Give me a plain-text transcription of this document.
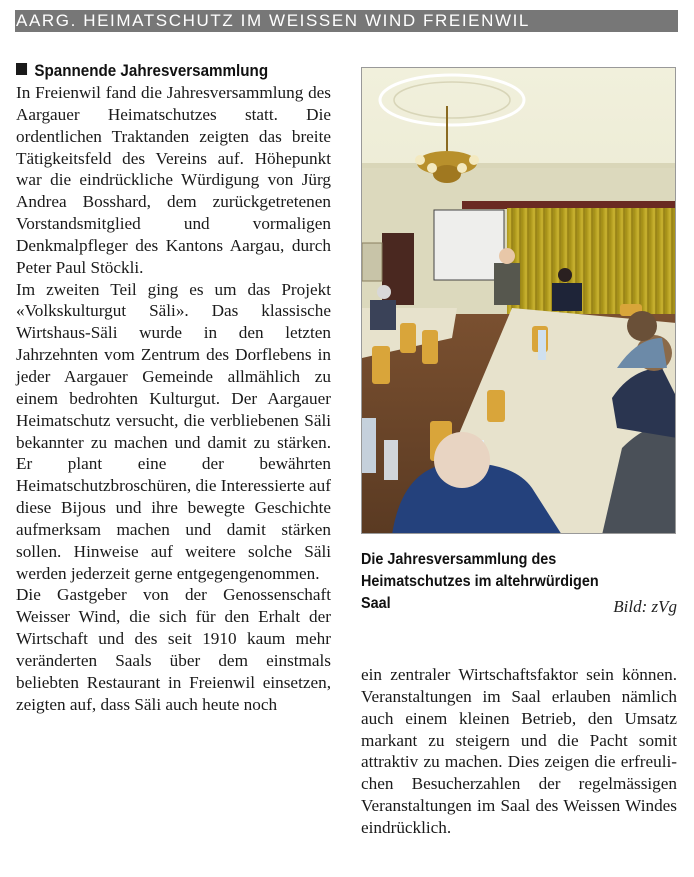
AARG. HEIMATSCHUTZ IM WEISSEN WIND FREIENWIL
Spannende Jahresversammlung

In Freienwil fand die Jahresversammlung des Aargauer Heimatschutzes statt. Die ordentlichen Traktanden zeigten das breite Tätigkeitsfeld des Vereins auf. Höhepunkt war die eindrückliche Würdigung von Jürg Andrea Bosshard, dem zurückgetretenen Vorstandsmitglied und vormaligen Denkmalpfleger des Kantons Aargau, durch Peter Paul Stöckli.

Im zweiten Teil ging es um das Projekt «Volkskulturgut Säli». Das klassische Wirtshaus-Säli wurde in den letzten Jahrzehnten vom Zentrum des Dorflebens in jeder Aargauer Gemeinde allmählich zu einem bedrohten Kulturgut. Der Aargauer Heimatschutz versucht, die verbliebenen Säli bekannter zu machen und damit zu stärken. Er plant eine der bewährten Heimatschutzbroschüren, die Interessierte auf diese Bijous und ihre bewegte Geschichte aufmerksam machen und damit stärken sollen. Hinweise auf weitere solche Säli werden jederzeit gerne entgegengenommen.

Die Gastgeber von der Genossenschaft Weisser Wind, die sich für den Erhalt der Wirtschaft und des seit 1910 kaum mehr veränderten Saals über dem einstmals beliebten Restaurant in Freienwil einsetzen, zeigten auf, dass Säli auch heute noch

Die Jahresversammlung des
Heimatschutzes im altehrwürdigen
Saal	Bild: zVg

ein zentraler Wirtschaftsfaktor sein können. Veranstaltungen im Saal erlauben nämlich auch einem kleinen Betrieb, den Umsatz markant zu steigern und die Pacht somit attraktiv zu machen. Dies zeigen die erfreulichen Besucherzahlen der regelmässigen Veranstaltungen im Saal des Weissen Windes eindrücklich.
